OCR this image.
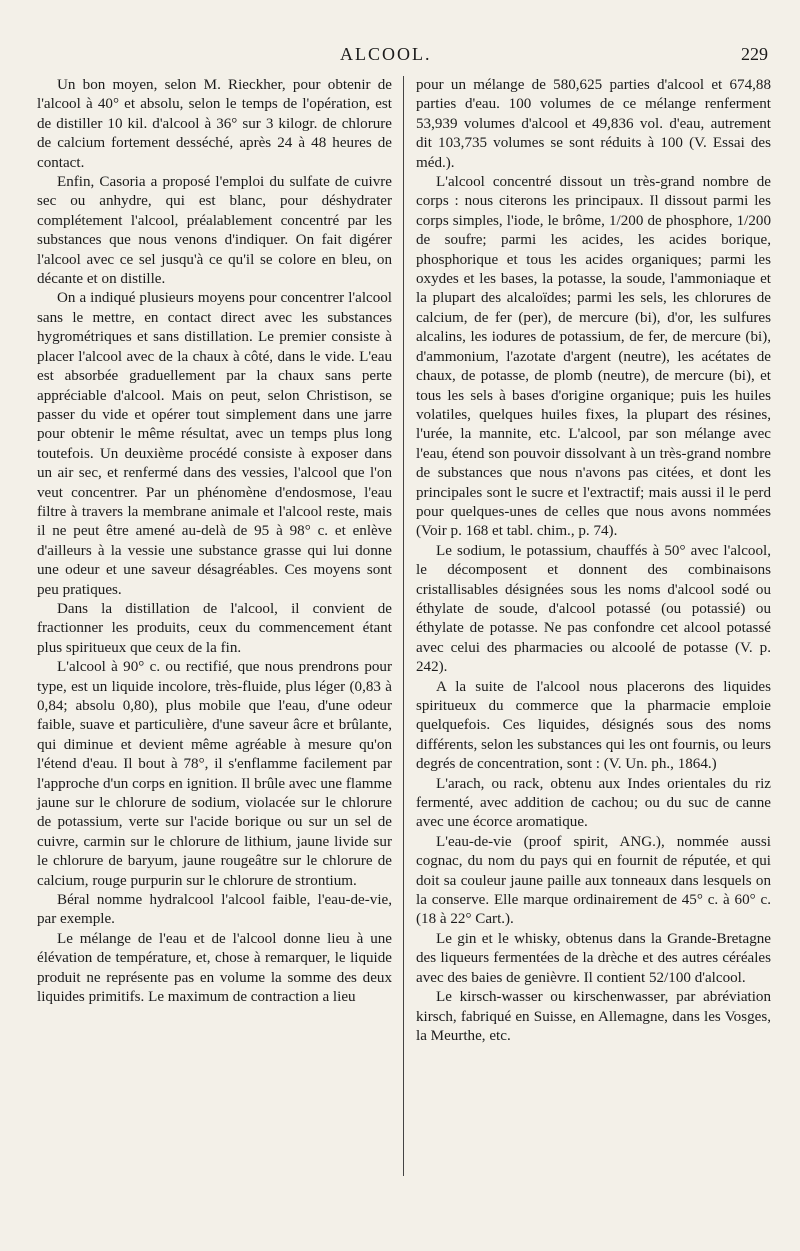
ALCOOL.	229

Un bon moyen, selon M. Rieckher, pour obtenir de l'alcool à 40° et absolu, selon le temps de l'opération, est de distiller 10 kil. d'alcool à 36° sur 3 kilogr. de chlorure de calcium fortement desséché, après 24 à 48 heures de contact.

Enfin, Casoria a proposé l'emploi du sulfate de cuivre sec ou anhydre, qui est blanc, pour déshydrater complétement l'alcool, préalablement concentré par les substances que nous venons d'indiquer. On fait digérer l'alcool avec ce sel jusqu'à ce qu'il se colore en bleu, on décante et on distille.

On a indiqué plusieurs moyens pour concentrer l'alcool sans le mettre, en contact direct avec les substances hygrométriques et sans distillation. Le premier consiste à placer l'alcool avec de la chaux à côté, dans le vide. L'eau est absorbée graduellement par la chaux sans perte appréciable d'alcool. Mais on peut, selon Christison, se passer du vide et opérer tout simplement dans une jarre pour obtenir le même résultat, avec un temps plus long toutefois. Un deuxième procédé consiste à exposer dans un air sec, et renfermé dans des vessies, l'alcool que l'on veut concentrer. Par un phénomène d'endosmose, l'eau filtre à travers la membrane animale et l'alcool reste, mais il ne peut être amené au-delà de 95 à 98° c. et enlève d'ailleurs à la vessie une substance grasse qui lui donne une odeur et une saveur désagréables. Ces moyens sont peu pratiques.

Dans la distillation de l'alcool, il convient de fractionner les produits, ceux du commencement étant plus spiritueux que ceux de la fin.

L'alcool à 90° c. ou rectifié, que nous prendrons pour type, est un liquide incolore, très-fluide, plus léger (0,83 à 0,84; absolu 0,80), plus mobile que l'eau, d'une odeur faible, suave et particulière, d'une saveur âcre et brûlante, qui diminue et devient même agréable à mesure qu'on l'étend d'eau. Il bout à 78°, il s'enflamme facilement par l'approche d'un corps en ignition. Il brûle avec une flamme jaune sur le chlorure de sodium, violacée sur le chlorure de potassium, verte sur l'acide borique ou sur un sel de cuivre, carmin sur le chlorure de lithium, jaune livide sur le chlorure de baryum, jaune rougeâtre sur le chlorure de calcium, rouge purpurin sur le chlorure de strontium.

Béral nomme hydralcool l'alcool faible, l'eau-de-vie, par exemple.

Le mélange de l'eau et de l'alcool donne lieu à une élévation de température, et, chose à remarquer, le liquide produit ne représente pas en volume la somme des deux liquides primitifs. Le maximum de contraction a lieu

pour un mélange de 580,625 parties d'alcool et 674,88 parties d'eau. 100 volumes de ce mélange renferment 53,939 volumes d'alcool et 49,836 vol. d'eau, autrement dit 103,735 volumes se sont réduits à 100 (V. Essai des méd.).

L'alcool concentré dissout un très-grand nombre de corps : nous citerons les principaux. Il dissout parmi les corps simples, l'iode, le brôme, 1/200 de phosphore, 1/200 de soufre; parmi les acides, les acides borique, phosphorique et tous les acides organiques; parmi les oxydes et les bases, la potasse, la soude, l'ammoniaque et la plupart des alcaloïdes; parmi les sels, les chlorures de calcium, de fer (per), de mercure (bi), d'or, les sulfures alcalins, les iodures de potassium, de fer, de mercure (bi), d'ammonium, l'azotate d'argent (neutre), les acétates de chaux, de potasse, de plomb (neutre), de mercure (bi), et tous les sels à bases d'origine organique; puis les huiles volatiles, quelques huiles fixes, la plupart des résines, l'urée, la mannite, etc. L'alcool, par son mélange avec l'eau, étend son pouvoir dissolvant à un très-grand nombre de substances que nous n'avons pas citées, et dont les principales sont le sucre et l'extractif; mais aussi il le perd pour quelques-unes de celles que nous avons nommées (Voir p. 168 et tabl. chim., p. 74).

Le sodium, le potassium, chauffés à 50° avec l'alcool, le décomposent et donnent des combinaisons cristallisables désignées sous les noms d'alcool sodé ou éthylate de soude, d'alcool potassé (ou potassié) ou éthylate de potasse. Ne pas confondre cet alcool potassé avec celui des pharmacies ou alcoolé de potasse (V. p. 242).

A la suite de l'alcool nous placerons des liquides spiritueux du commerce que la pharmacie emploie quelquefois. Ces liquides, désignés sous des noms différents, selon les substances qui les ont fournis, ou leurs degrés de concentration, sont : (V. Un. ph., 1864.)

L'arach, ou rack, obtenu aux Indes orientales du riz fermenté, avec addition de cachou; ou du suc de canne avec une écorce aromatique.

L'eau-de-vie (proof spirit, ANG.), nommée aussi cognac, du nom du pays qui en fournit de réputée, et qui doit sa couleur jaune paille aux tonneaux dans lesquels on la conserve. Elle marque ordinairement de 45° c. à 60° c. (18 à 22° Cart.).

Le gin et le whisky, obtenus dans la Grande-Bretagne des liqueurs fermentées de la drèche et des autres céréales avec des baies de genièvre. Il contient 52/100 d'alcool.

Le kirsch-wasser ou kirschenwasser, par abréviation kirsch, fabriqué en Suisse, en Allemagne, dans les Vosges, la Meurthe, etc.
